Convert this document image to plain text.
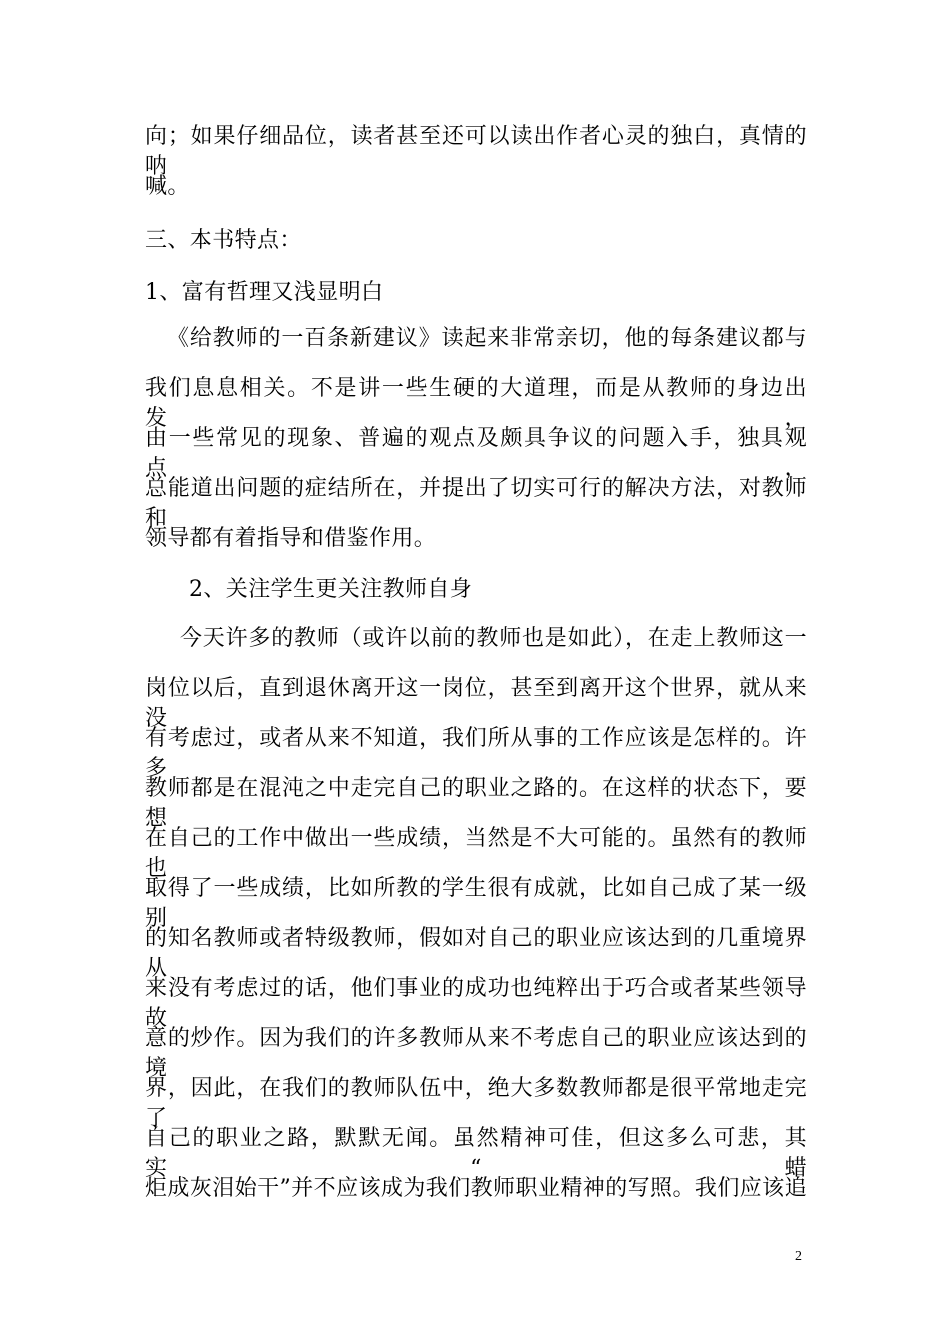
向；如果仔细品位，读者甚至还可以读出作者心灵的独白，真情的呐
喊。
三、本书特点：
1、富有哲理又浅显明白
《给教师的一百条新建议》读起来非常亲切，他的每条建议都与
我们息息相关。不是讲一些生硬的大道理，而是从教师的身边出发，
由一些常见的现象、普遍的观点及颇具争议的问题入手，独具观点，
总能道出问题的症结所在，并提出了切实可行的解决方法，对教师和
领导都有着指导和借鉴作用。
2、关注学生更关注教师自身
今天许多的教师（或许以前的教师也是如此），在走上教师这一
岗位以后，直到退休离开这一岗位，甚至到离开这个世界，就从来没
有考虑过，或者从来不知道，我们所从事的工作应该是怎样的。许多
教师都是在混沌之中走完自己的职业之路的。在这样的状态下，要想
在自己的工作中做出一些成绩，当然是不大可能的。虽然有的教师也
取得了一些成绩，比如所教的学生很有成就，比如自己成了某一级别
的知名教师或者特级教师，假如对自己的职业应该达到的几重境界从
来没有考虑过的话，他们事业的成功也纯粹出于巧合或者某些领导故
意的炒作。因为我们的许多教师从来不考虑自己的职业应该达到的境
界，因此，在我们的教师队伍中，绝大多数教师都是很平常地走完了
自己的职业之路，默默无闻。虽然精神可佳，但这多么可悲，其实“蜡
炬成灰泪始干”并不应该成为我们教师职业精神的写照。我们应该追
2
